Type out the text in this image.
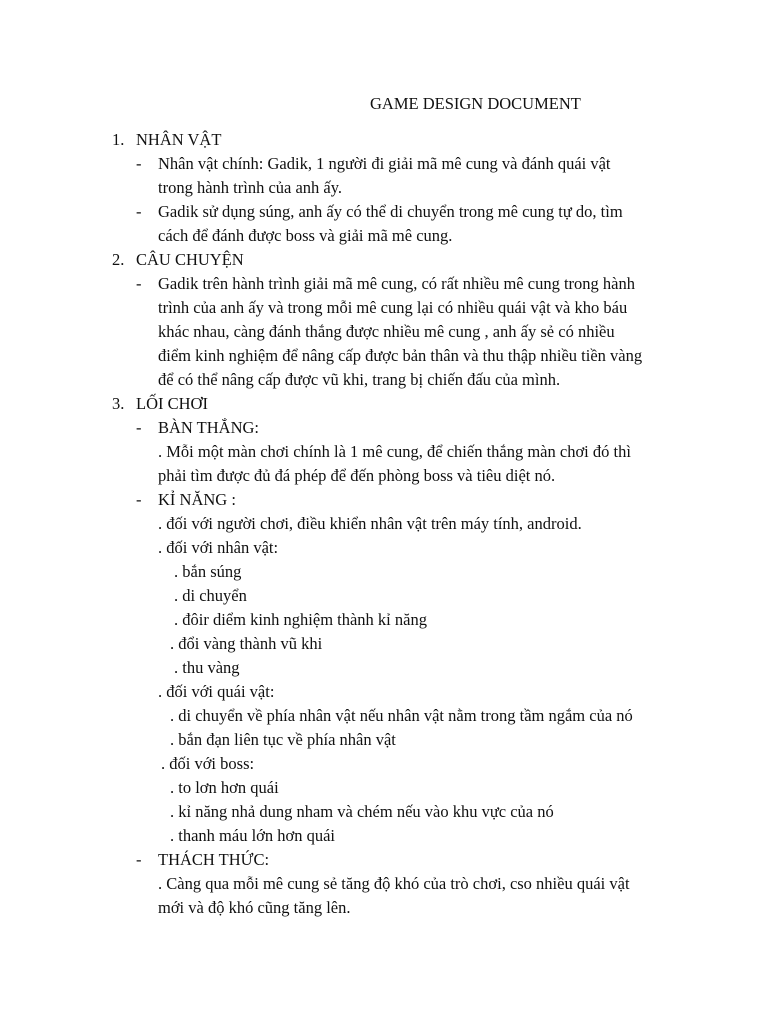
GAME DESIGN DOCUMENT
1. NHÂN VẬT
- Nhân vật chính: Gadik, 1 người đi giải mã mê cung và đánh quái vật
trong hành trình của anh ấy.
- Gadik sử dụng súng, anh ấy có thể di chuyển trong mê cung tự do, tìm
cách để đánh được boss và giải mã mê cung.
2. CÂU CHUYỆN
- Gadik trên hành trình giải mã mê cung, có rất nhiều mê cung trong hành
trình của anh ấy và trong mỗi mê cung lại có nhiều quái vật và kho báu
khác nhau, càng đánh thắng được nhiều mê cung , anh ấy sẻ có nhiều
điểm kinh nghiệm để nâng cấp được bản thân và thu thập nhiều tiền vàng
để có thể nâng cấp được vũ khi, trang bị chiến đấu của mình.
3. LỐI CHƠI
- BÀN THẮNG:
. Mỗi một màn chơi chính là 1 mê cung, để chiến thắng màn chơi đó thì
phải tìm được đủ đá phép để đến phòng boss và tiêu diệt nó.
- KỈ NĂNG :
. đối với người chơi, điều khiển nhân vật trên máy tính, android.
. đối với nhân vật:
. bắn súng
. di chuyển
. đôir diểm kinh nghiệm thành kỉ năng
. đổi vàng thành vũ khi
. thu vàng
. đối với quái vật:
. di chuyển về phía nhân vật nếu nhân vật nằm trong tầm ngắm của nó
. bắn đạn liên tục về phía nhân vật
. đối với boss:
. to lơn hơn quái
. kỉ năng nhả dung nham và chém nếu vào khu vực của nó
. thanh máu lớn hơn quái
- THÁCH THỨC:
. Càng qua mỗi mê cung sẻ tăng độ khó của trò chơi, cso nhiều quái vật
mới và độ khó cũng tăng lên.
